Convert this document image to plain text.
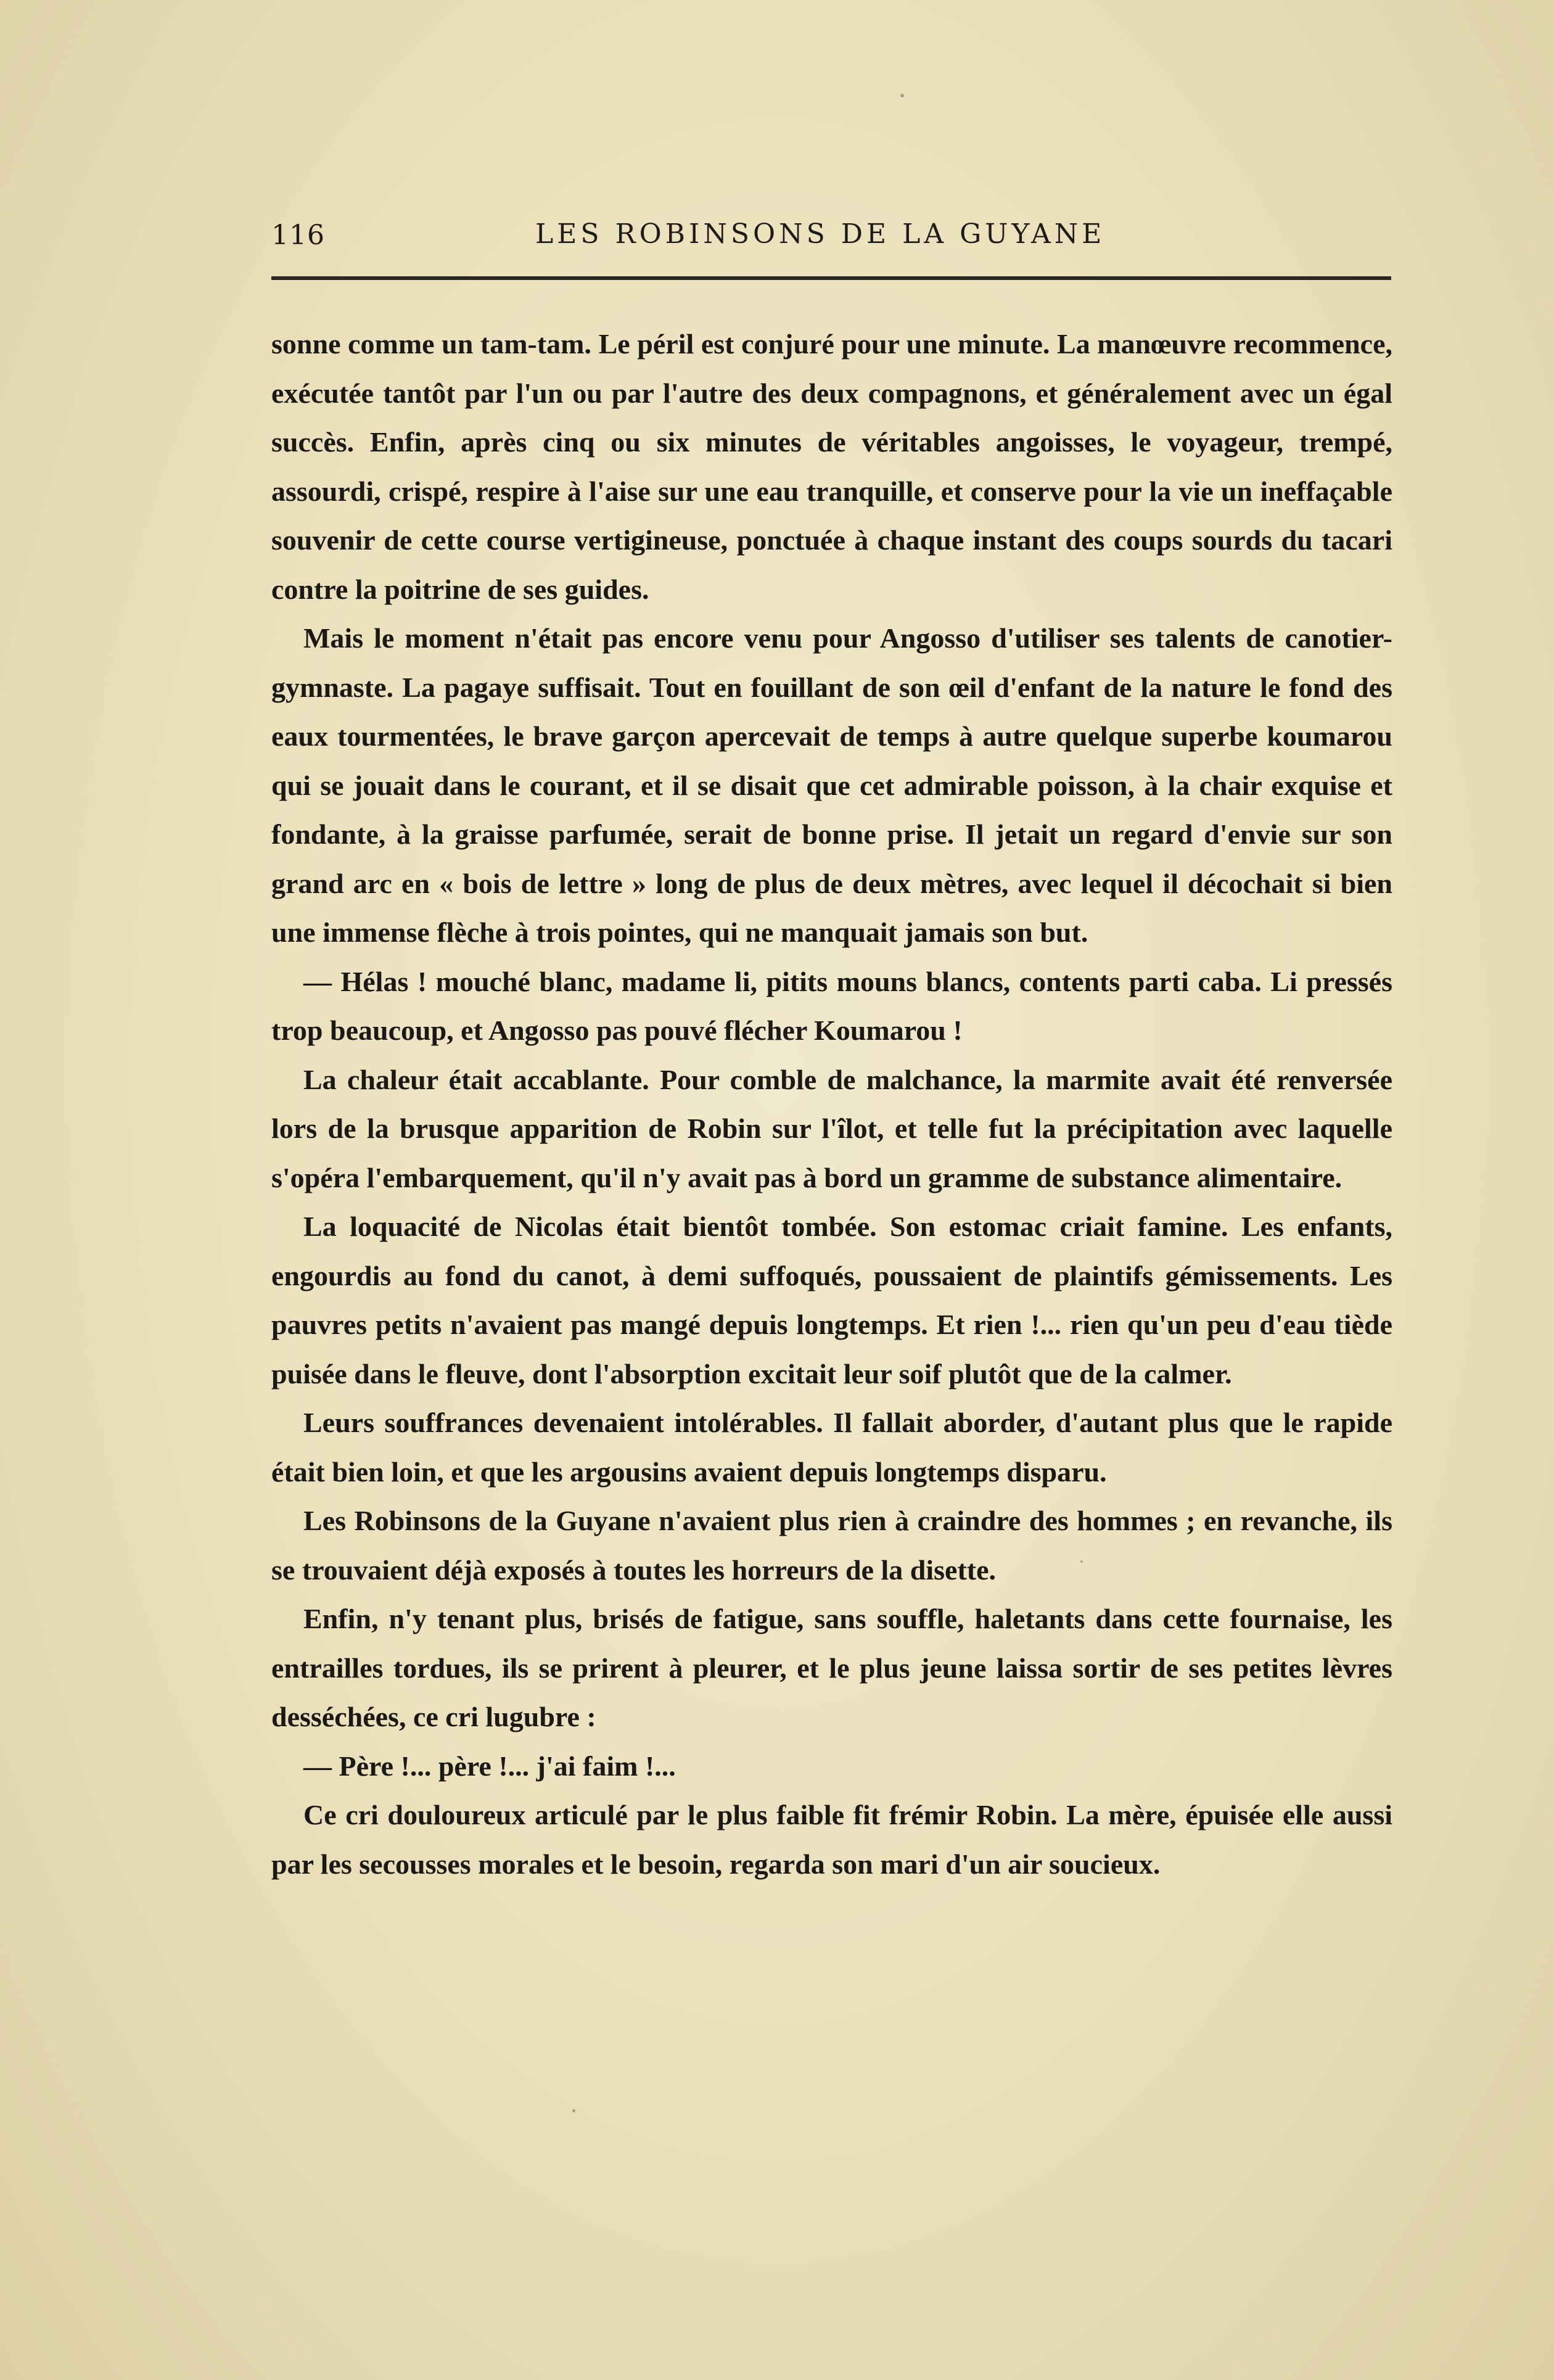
116	LES ROBINSONS DE LA GUYANE

sonne comme un tam-tam. Le péril est conjuré pour une minute. La manœuvre recommence, exécutée tantôt par l'un ou par l'autre des deux compagnons, et généralement avec un égal succès. Enfin, après cinq ou six minutes de véritables angoisses, le voyageur, trempé, assourdi, crispé, respire à l'aise sur une eau tranquille, et conserve pour la vie un ineffaçable souvenir de cette course vertigineuse, ponctuée à chaque instant des coups sourds du tacari contre la poitrine de ses guides.

Mais le moment n'était pas encore venu pour Angosso d'utiliser ses talents de canotier-gymnaste. La pagaye suffisait. Tout en fouillant de son œil d'enfant de la nature le fond des eaux tourmentées, le brave garçon apercevait de temps à autre quelque superbe koumarou qui se jouait dans le courant, et il se disait que cet admirable poisson, à la chair exquise et fondante, à la graisse parfumée, serait de bonne prise. Il jetait un regard d'envie sur son grand arc en « bois de lettre » long de plus de deux mètres, avec lequel il décochait si bien une immense flèche à trois pointes, qui ne manquait jamais son but.

— Hélas ! mouché blanc, madame li, pitits mouns blancs, contents parti caba. Li pressés trop beaucoup, et Angosso pas pouvé flécher Koumarou !

La chaleur était accablante. Pour comble de malchance, la marmite avait été renversée lors de la brusque apparition de Robin sur l'îlot, et telle fut la précipitation avec laquelle s'opéra l'embarquement, qu'il n'y avait pas à bord un gramme de substance alimentaire.

La loquacité de Nicolas était bientôt tombée. Son estomac criait famine. Les enfants, engourdis au fond du canot, à demi suffoqués, poussaient de plaintifs gémissements. Les pauvres petits n'avaient pas mangé depuis longtemps. Et rien !... rien qu'un peu d'eau tiède puisée dans le fleuve, dont l'absorption excitait leur soif plutôt que de la calmer.

Leurs souffrances devenaient intolérables. Il fallait aborder, d'autant plus que le rapide était bien loin, et que les argousins avaient depuis longtemps disparu.

Les Robinsons de la Guyane n'avaient plus rien à craindre des hommes ; en revanche, ils se trouvaient déjà exposés à toutes les horreurs de la disette.

Enfin, n'y tenant plus, brisés de fatigue, sans souffle, haletants dans cette fournaise, les entrailles tordues, ils se prirent à pleurer, et le plus jeune laissa sortir de ses petites lèvres desséchées, ce cri lugubre :

— Père !... père !... j'ai faim !...

Ce cri douloureux articulé par le plus faible fit frémir Robin. La mère, épuisée elle aussi par les secousses morales et le besoin, regarda son mari d'un air soucieux.
